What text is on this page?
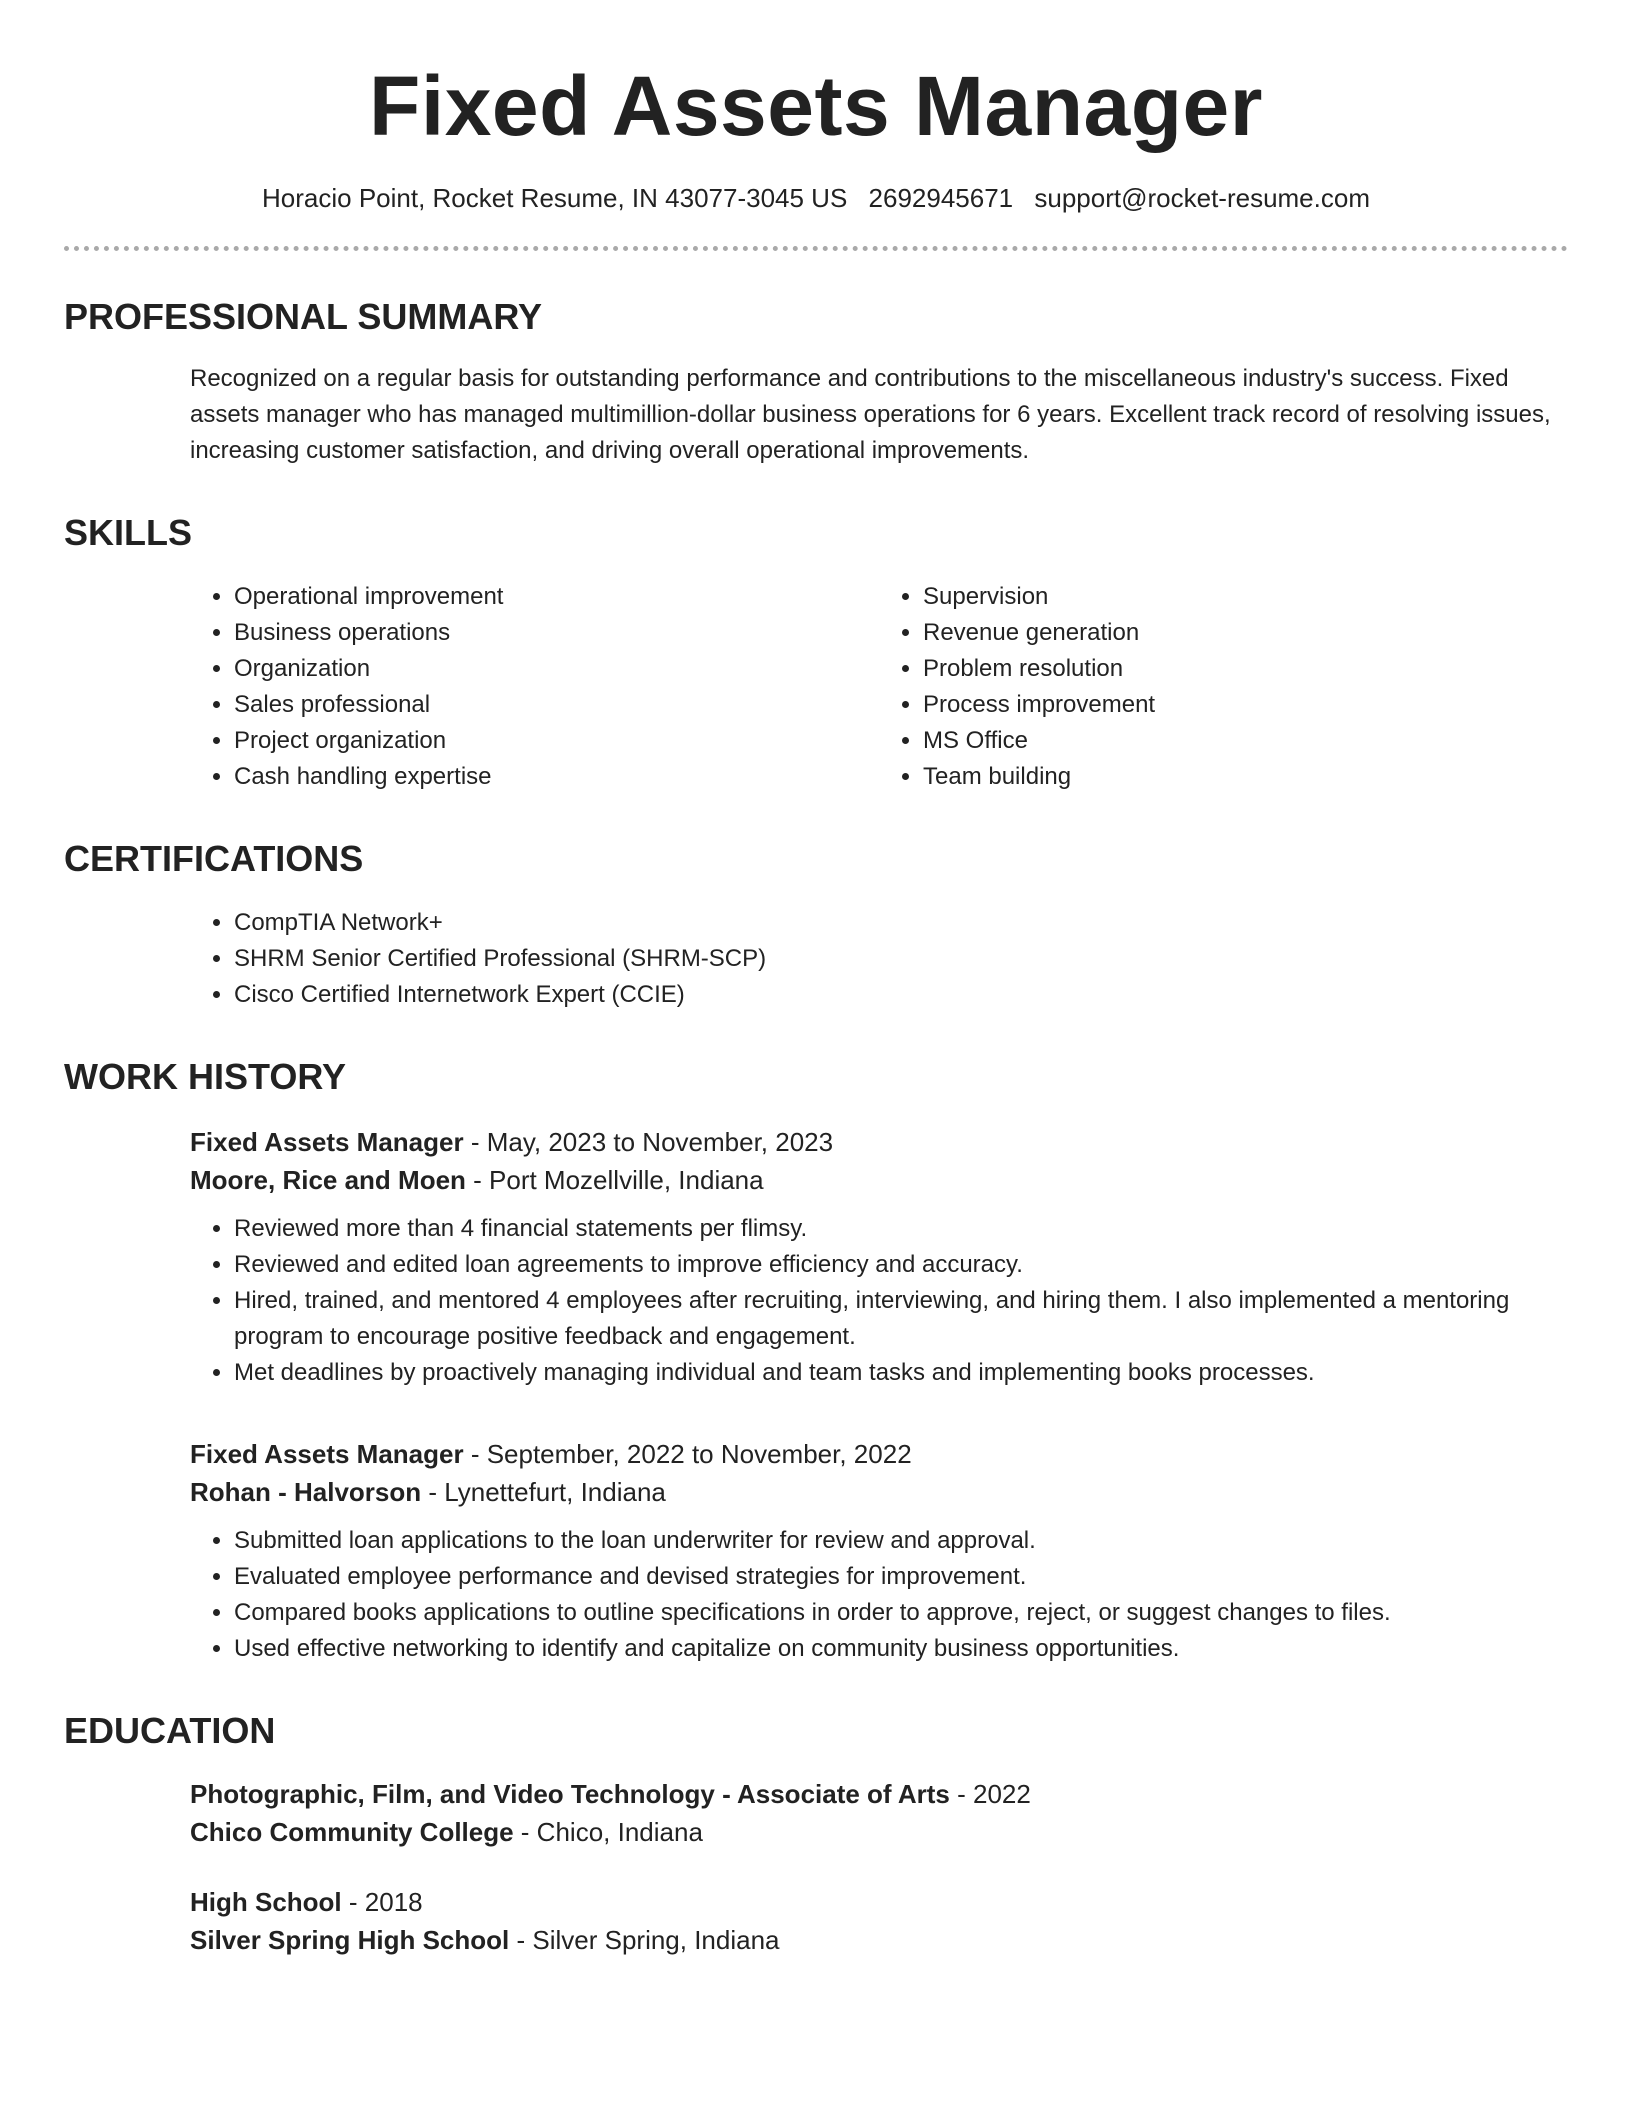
Fixed Assets Manager
Horacio Point, Rocket Resume, IN 43077-3045 US 2692945671 support@rocket-resume.com
PROFESSIONAL SUMMARY

Recognized on a regular basis for outstanding performance and contributions to the miscellaneous industry's success. Fixed assets manager who has managed multimillion-dollar business operations for 6 years. Excellent track record of resolving issues, increasing customer satisfaction, and driving overall operational improvements.

SKILLS
• Operational improvement
• Business operations
• Organization
• Sales professional
• Project organization
• Cash handling expertise
• Supervision
• Revenue generation
• Problem resolution
• Process improvement
• MS Office
• Team building
CERTIFICATIONS
• CompTIA Network+
• SHRM Senior Certified Professional (SHRM-SCP)
• Cisco Certified Internetwork Expert (CCIE)
WORK HISTORY
Fixed Assets Manager - May, 2023 to November, 2023
Moore, Rice and Moen - Port Mozellville, Indiana
• Reviewed more than 4 financial statements per flimsy.
• Reviewed and edited loan agreements to improve efficiency and accuracy.
• Hired, trained, and mentored 4 employees after recruiting, interviewing, and hiring them. I also implemented a mentoring program to encourage positive feedback and engagement.
• Met deadlines by proactively managing individual and team tasks and implementing books processes.
Fixed Assets Manager - September, 2022 to November, 2022
Rohan - Halvorson - Lynettefurt, Indiana
• Submitted loan applications to the loan underwriter for review and approval.
• Evaluated employee performance and devised strategies for improvement.
• Compared books applications to outline specifications in order to approve, reject, or suggest changes to files.
• Used effective networking to identify and capitalize on community business opportunities.
EDUCATION
Photographic, Film, and Video Technology - Associate of Arts - 2022
Chico Community College - Chico, Indiana
High School - 2018
Silver Spring High School - Silver Spring, Indiana
